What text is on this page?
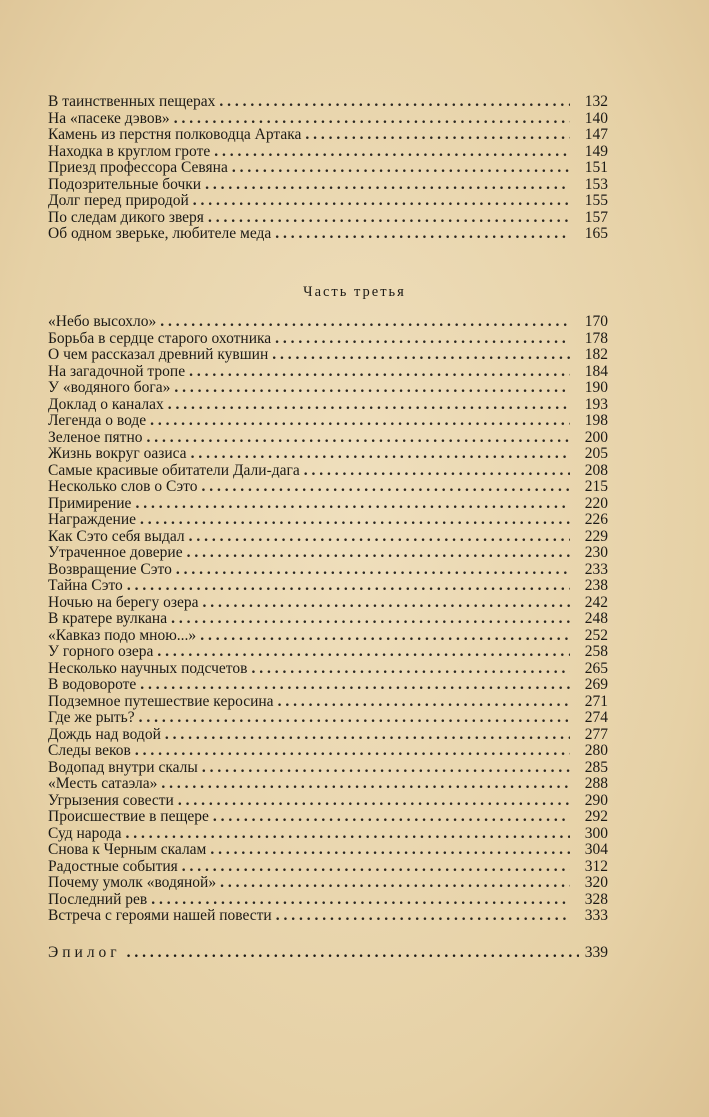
В таинственных пещерах . . .	132
На «пасеке дэвов» . . .	140
Камень из перстня полководца Артака . . .	147
Находка в круглом гроте . . .	149
Приезд профессора Севяна . . .	151
Подозрительные бочки . . .	153
Долг перед природой . . .	155
По следам дикого зверя . . .	157
Об одном зверьке, любителе меда . . .	165
Часть третья
«Небо высохло» . . .	170
Борьба в сердце старого охотника . . .	178
О чем рассказал древний кувшин . . .	182
На загадочной тропе . . .	184
У «водяного бога» . . .	190
Доклад о каналах . . .	193
Легенда о воде . . .	198
Зеленое пятно . . .	200
Жизнь вокруг оазиса . . .	205
Самые красивые обитатели Дали-дага . . .	208
Несколько слов о Сэто . . .	215
Примирение . . .	220
Награждение . . .	226
Как Сэто себя выдал . . .	229
Утраченное доверие . . .	230
Возвращение Сэто . . .	233
Тайна Сэто . . .	238
Ночью на берегу озера . . .	242
В кратере вулкана . . .	248
«Кавказ подо мною...» . . .	252
У горного озера . . .	258
Несколько научных подсчетов . . .	265
В водовороте . . .	269
Подземное путешествие керосина . . .	271
Где же рыть? . . .	274
Дождь над водой . . .	277
Следы веков . . .	280
Водопад внутри скалы . . .	285
«Месть сатаэла» . . .	288
Угрызения совести . . .	290
Происшествие в пещере . . .	292
Суд народа . . .	300
Снова к Черным скалам . . .	304
Радостные события . . .	312
Почему умолк «водяной» . . .	320
Последний рев . . .	328
Встреча с героями нашей повести . . .	333
Эпилог . . .	339
